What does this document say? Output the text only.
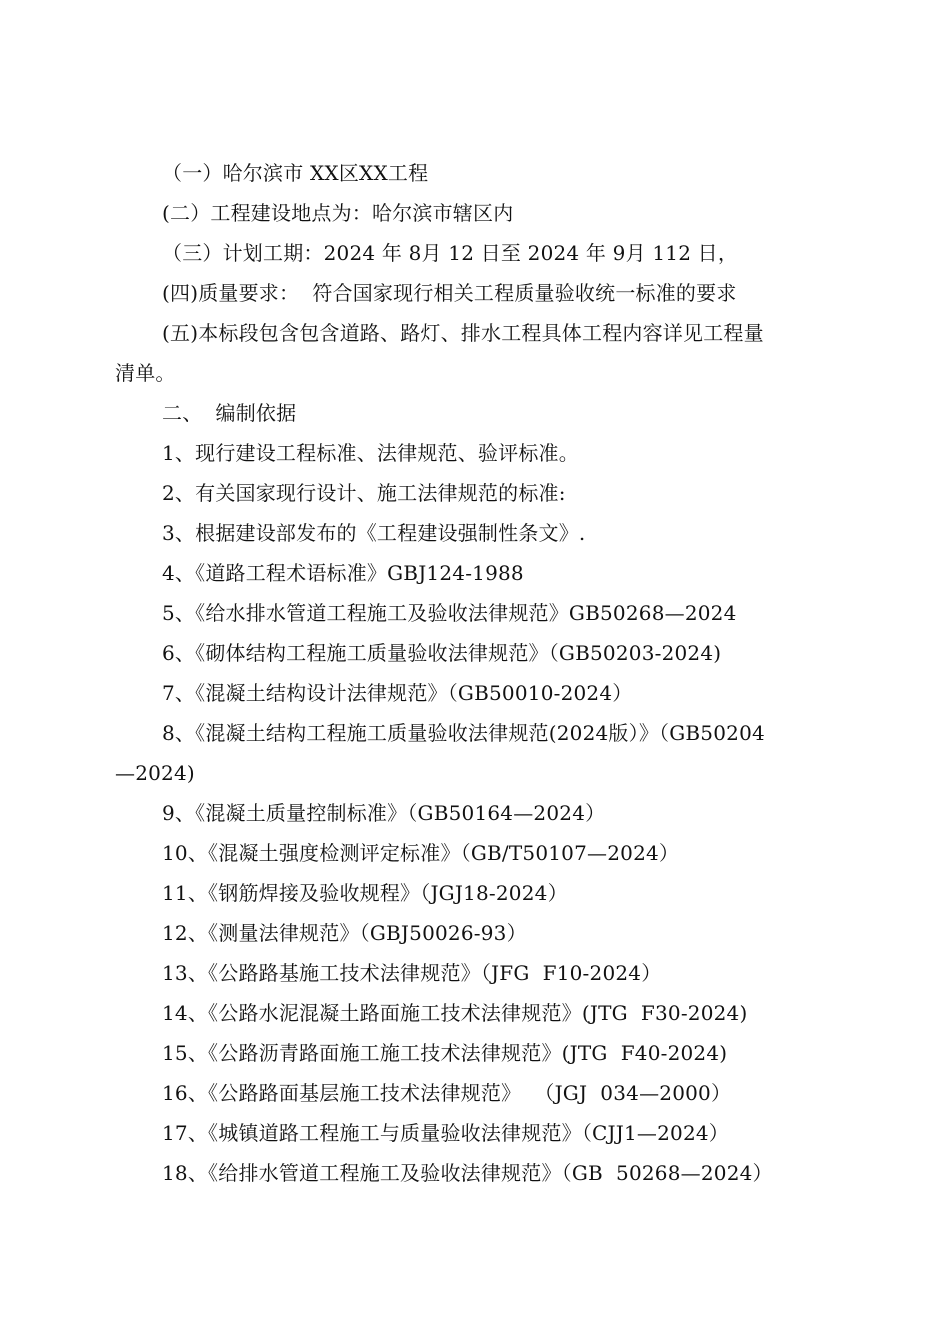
（一）哈尔滨市 XX区XX工程
(二）工程建设地点为：哈尔滨市辖区内
（三）计划工期：2024 年 8月 12 日至 2024 年 9月 112 日，
(四)质量要求：  符合国家现行相关工程质量验收统一标准的要求
(五)本标段包含包含道路、路灯、排水工程具体工程内容详见工程量
清单。
二、  编制依据
1、现行建设工程标准、法律规范、验评标准。
2、有关国家现行设计、施工法律规范的标准:
3、根据建设部发布的《工程建设强制性条文》.
4、《道路工程术语标准》GBJ124-1988
5、《给水排水管道工程施工及验收法律规范》GB50268—2024
6、《砌体结构工程施工质量验收法律规范》（GB50203-2024)
7、《混凝土结构设计法律规范》（GB50010-2024）
8、《混凝土结构工程施工质量验收法律规范(2024版）》（GB50204
—2024)
9、《混凝土质量控制标准》（GB50164—2024）
10、《混凝土强度检测评定标准》（GB/T50107—2024）
11、《钢筋焊接及验收规程》（JGJ18-2024）
12、《测量法律规范》（GBJ50026-93）
13、《公路路基施工技术法律规范》（JFG  F10-2024）
14、《公路水泥混凝土路面施工技术法律规范》(JTG  F30-2024)
15、《公路沥青路面施工施工技术法律规范》(JTG  F40-2024)
16、《公路路面基层施工技术法律规范》  （JGJ  034—2000）
17、《城镇道路工程施工与质量验收法律规范》（CJJ1—2024）
18、《给排水管道工程施工及验收法律规范》（GB  50268—2024）
